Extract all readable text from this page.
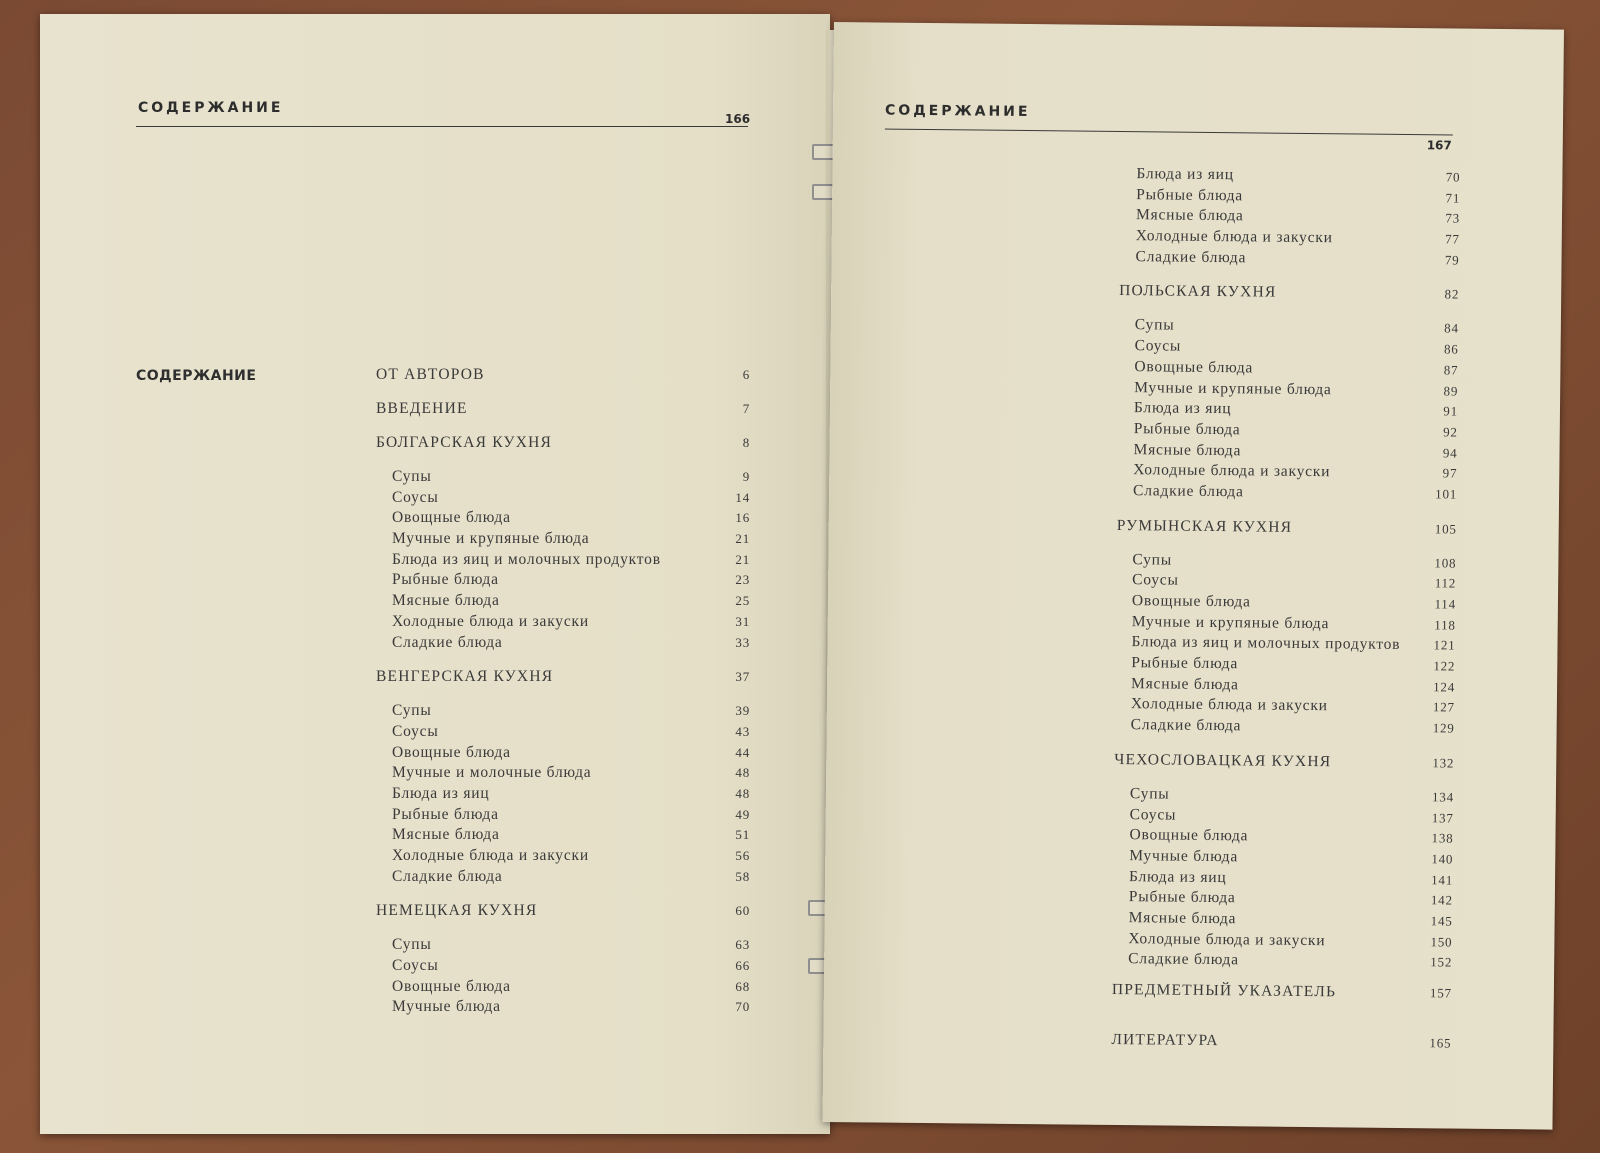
СОДЕРЖАНИЕ
166
ОТ АВТОРОВ	6
ВВЕДЕНИЕ	7
БОЛГАРСКАЯ КУХНЯ	8
Супы	9
Соусы	14
Овощные блюда	16
Мучные и крупяные блюда	21
Блюда из яиц и молочных продуктов	21
Рыбные блюда	23
Мясные блюда	25
Холодные блюда и закуски	31
Сладкие блюда	33
ВЕНГЕРСКАЯ КУХНЯ	37
Супы	39
Соусы	43
Овощные блюда	44
Мучные и молочные блюда	48
Блюда из яиц	48
Рыбные блюда	49
Мясные блюда	51
Холодные блюда и закуски	56
Сладкие блюда	58
НЕМЕЦКАЯ КУХНЯ	60
Супы	63
Соусы	66
Овощные блюда	68
Мучные блюда	70
СОДЕРЖАНИЕ
СОДЕРЖАНИЕ
167
Блюда из яиц	70
Рыбные блюда	71
Мясные блюда	73
Холодные блюда и закуски	77
Сладкие блюда	79
ПОЛЬСКАЯ КУХНЯ	82
Супы	84
Соусы	86
Овощные блюда	87
Мучные и крупяные блюда	89
Блюда из яиц	91
Рыбные блюда	92
Мясные блюда	94
Холодные блюда и закуски	97
Сладкие блюда	101
РУМЫНСКАЯ КУХНЯ	105
Супы	108
Соусы	112
Овощные блюда	114
Мучные и крупяные блюда	118
Блюда из яиц и молочных продуктов	121
Рыбные блюда	122
Мясные блюда	124
Холодные блюда и закуски	127
Сладкие блюда	129
ЧЕХОСЛОВАЦКАЯ КУХНЯ	132
Супы	134
Соусы	137
Овощные блюда	138
Мучные блюда	140
Блюда из яиц	141
Рыбные блюда	142
Мясные блюда	145
Холодные блюда и закуски	150
Сладкие блюда	152
ПРЕДМЕТНЫЙ УКАЗАТЕЛЬ	157
ЛИТЕРАТУРА	165
